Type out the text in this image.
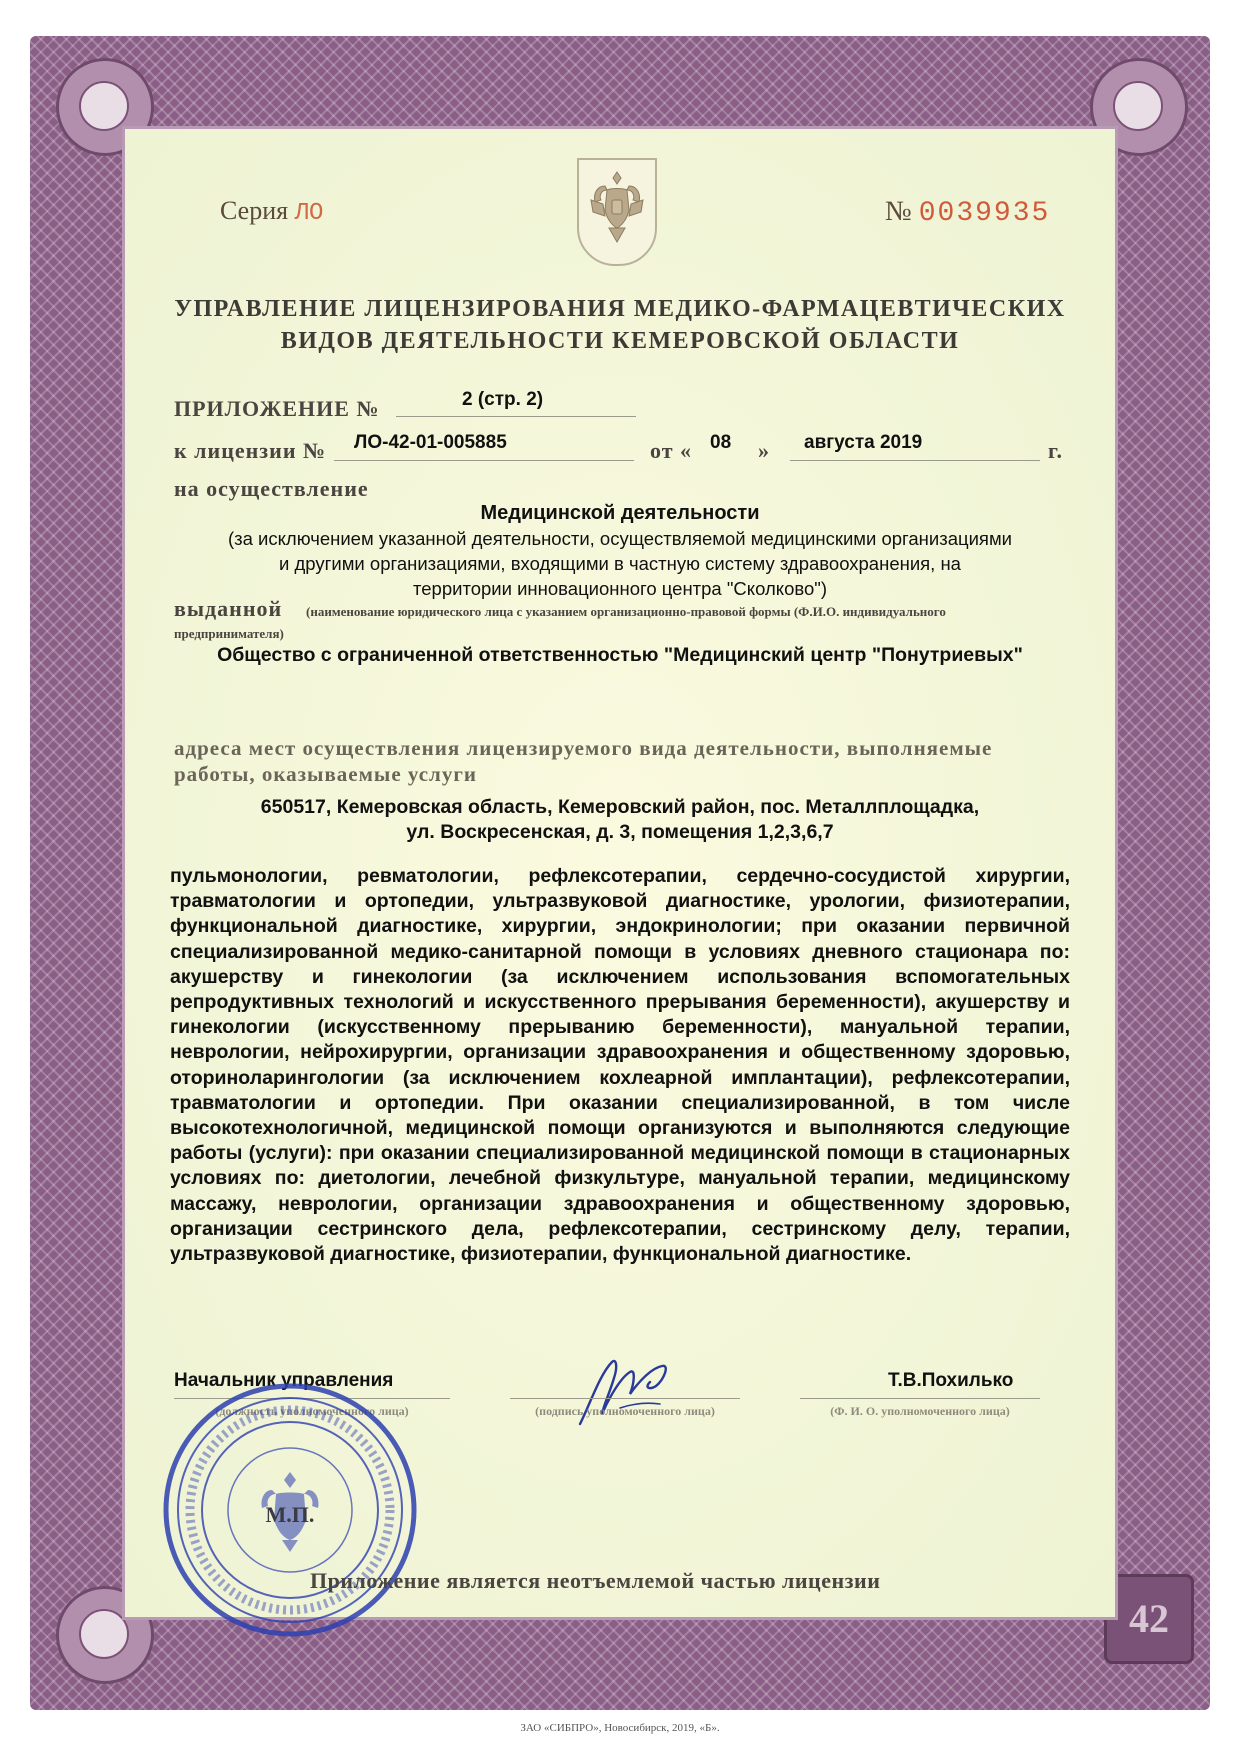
42
Серия ЛО	№ 0039935
УПРАВЛЕНИЕ ЛИЦЕНЗИРОВАНИЯ МЕДИКО-ФАРМАЦЕВТИЧЕСКИХ
ВИДОВ ДЕЯТЕЛЬНОСТИ КЕМЕРОВСКОЙ ОБЛАСТИ
ПРИЛОЖЕНИЕ №	2 (стр. 2)
к лицензии № ЛО-42-01-005885	от « 08 » августа 2019	г.
на осуществление
Медицинской деятельности
(за исключением указанной деятельности, осуществляемой медицинскими организациями
и другими организациями, входящими в частную систему здравоохранения, на
территории инновационного центра "Сколково")
выданной (наименование юридического лица с указанием организационно-правовой формы (Ф.И.О. индивидуального
предпринимателя)
Общество с ограниченной ответственностью "Медицинский центр "Понутриевых"
адреса мест осуществления лицензируемого вида деятельности, выполняемые
работы, оказываемые услуги
650517, Кемеровская область, Кемеровский район, пос. Металлплощадка,
ул. Воскресенская, д. 3, помещения 1,2,3,6,7
пульмонологии, ревматологии, рефлексотерапии, сердечно-сосудистой хирургии, травматологии и ортопедии, ультразвуковой диагностике, урологии, физиотерапии, функциональной диагностике, хирургии, эндокринологии; при оказании первичной специализированной медико-санитарной помощи в условиях дневного стационара по: акушерству и гинекологии (за исключением использования вспомогательных репродуктивных технологий и искусственного прерывания беременности), акушерству и гинекологии (искусственному прерыванию беременности), мануальной терапии, неврологии, нейрохирургии, организации здравоохранения и общественному здоровью, оториноларингологии (за исключением кохлеарной имплантации), рефлексотерапии, травматологии и ортопедии. При оказании специализированной, в том числе высокотехнологичной, медицинской помощи организуются и выполняются следующие работы (услуги): при оказании специализированной медицинской помощи в стационарных условиях по: диетологии, лечебной физкультуре, мануальной терапии, медицинскому массажу, неврологии, организации здравоохранения и общественному здоровью, организации сестринского дела, рефлексотерапии, сестринскому делу, терапии, ультразвуковой диагностике, физиотерапии, функциональной диагностике.
Начальник управления
(должность уполномоченного лица)	(подпись уполномоченного лица)
Т.В.Похилько
(Ф. И. О. уполномоченного лица)
М.П.
Приложение является неотъемлемой частью лицензии
ЗАО «СИБПРО», Новосибирск, 2019, «Б».
